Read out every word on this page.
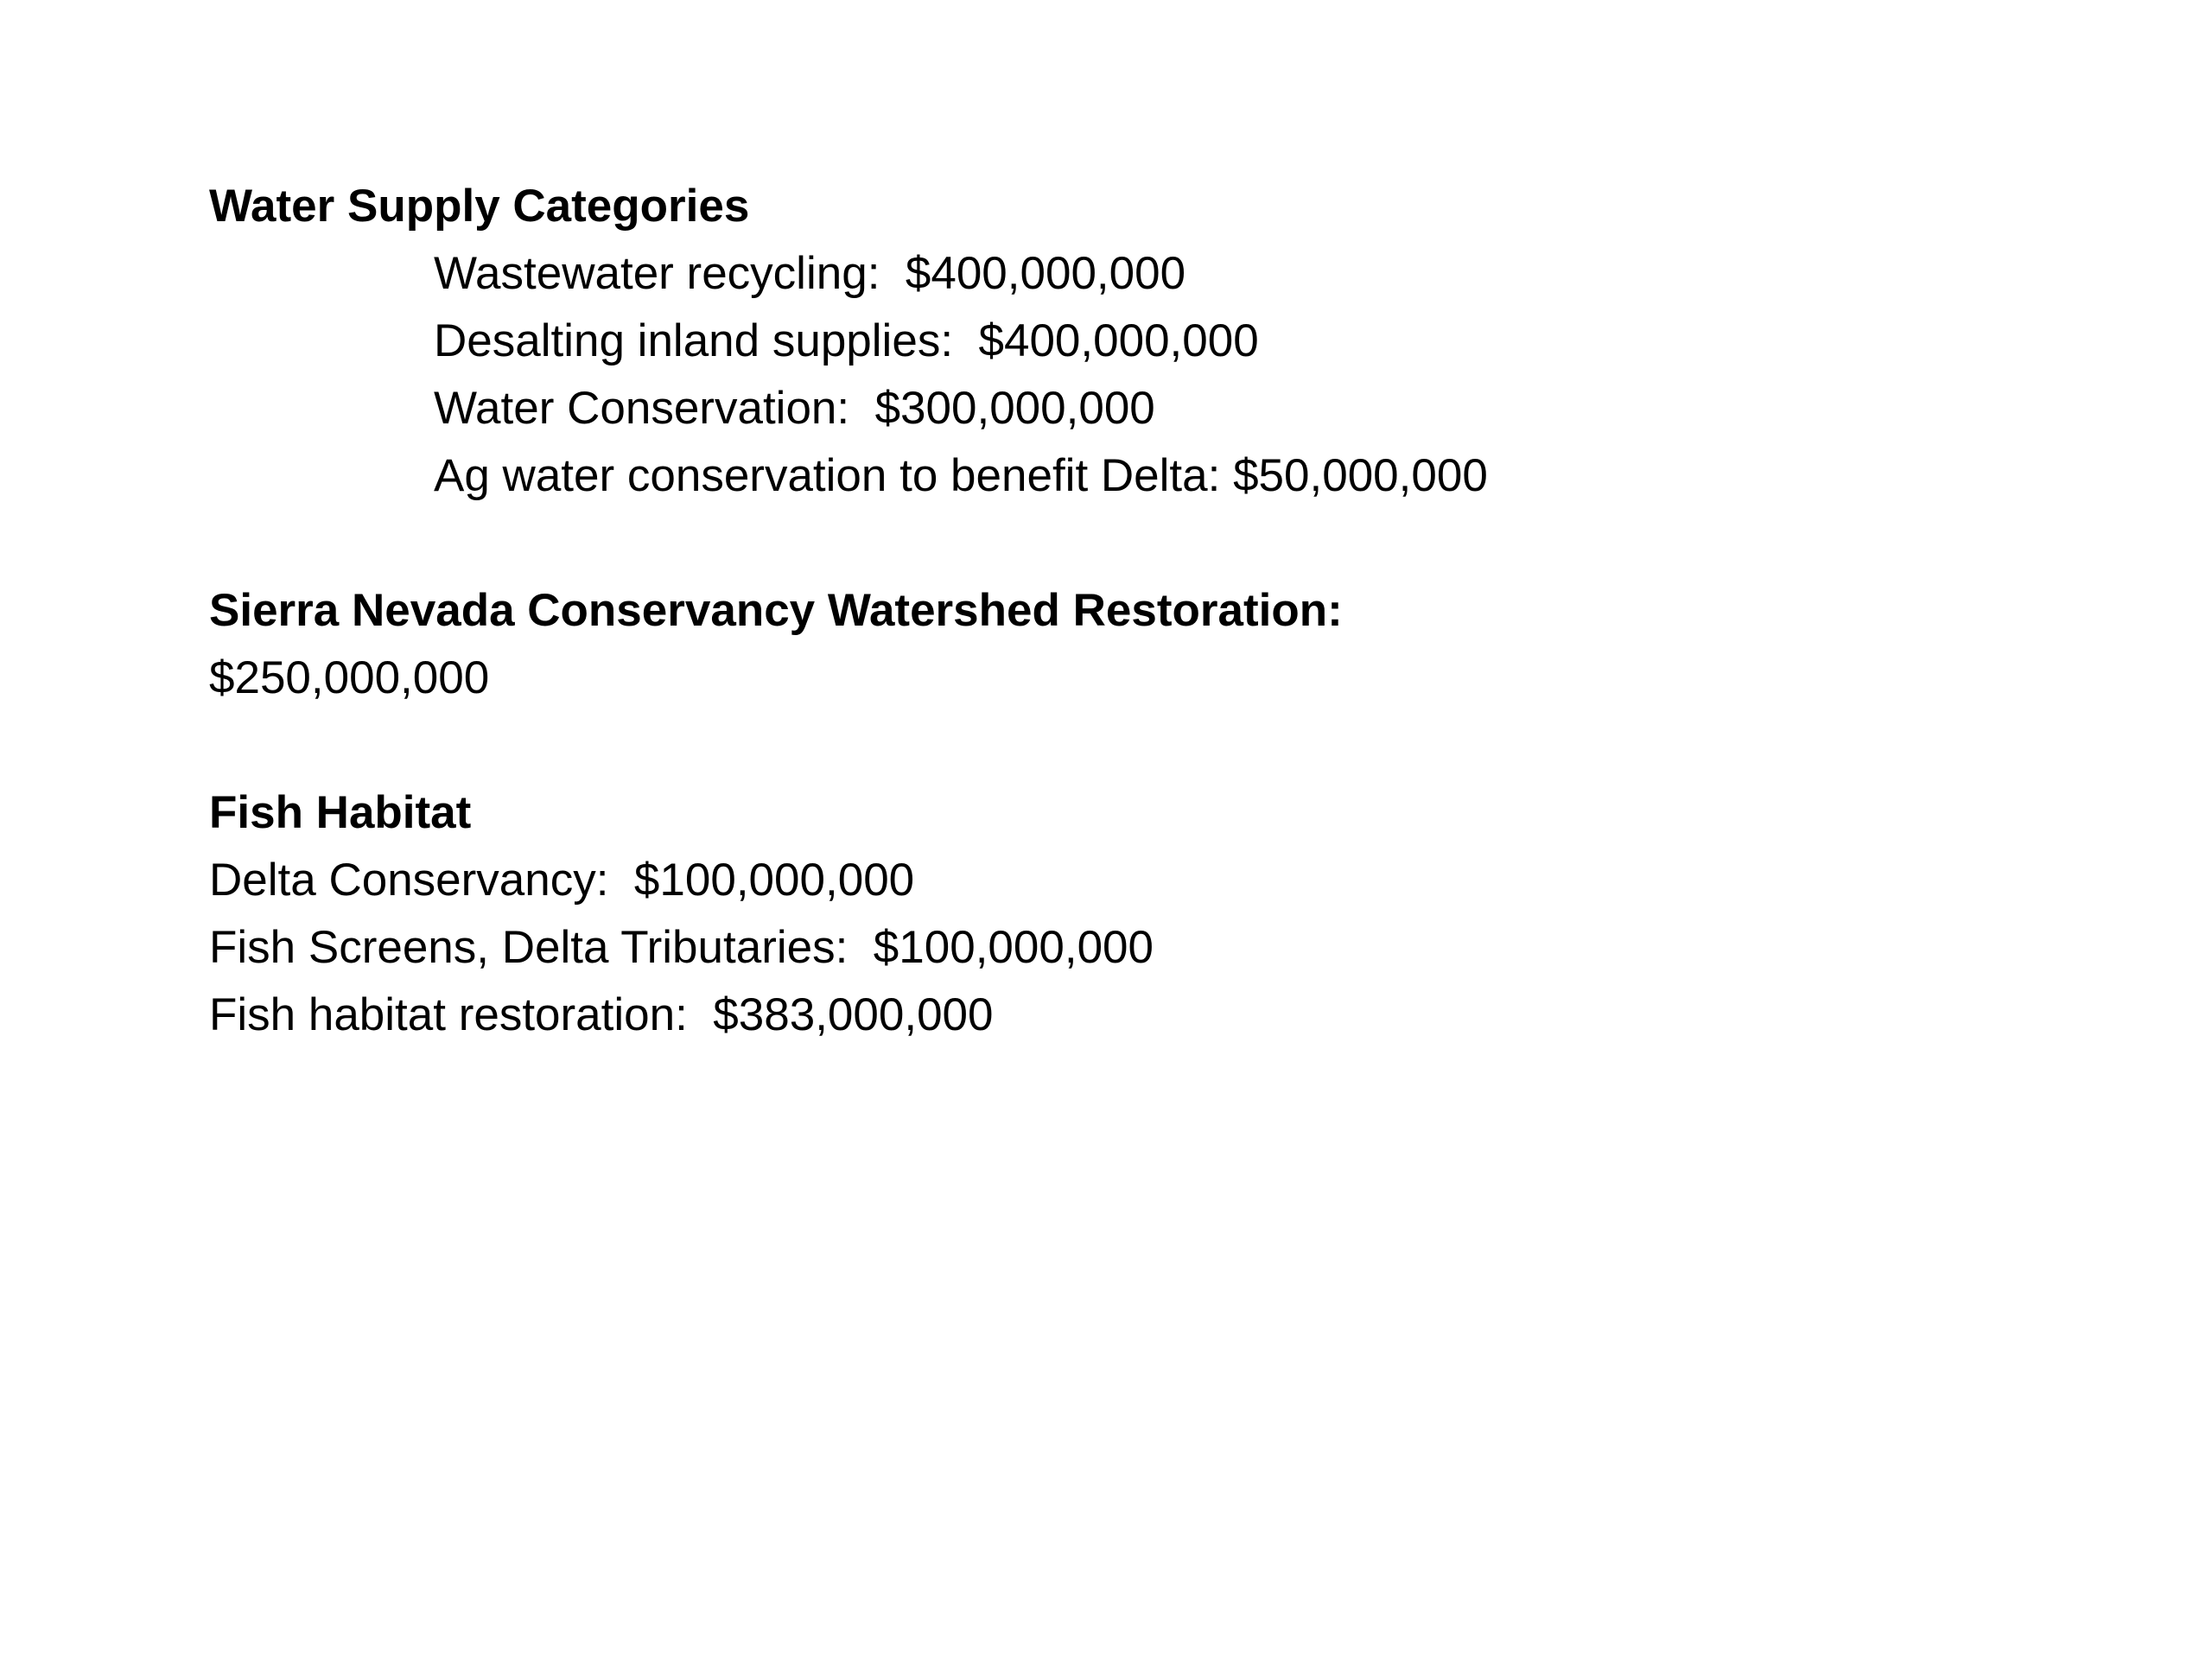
Water Supply Categories
Wastewater recycling:  $400,000,000
Desalting inland supplies:  $400,000,000
Water Conservation:  $300,000,000
Ag water conservation to benefit Delta: $50,000,000
Sierra Nevada Conservancy Watershed Restoration:
$250,000,000
Fish Habitat
Delta Conservancy:  $100,000,000
Fish Screens, Delta Tributaries:  $100,000,000
Fish habitat restoration:  $383,000,000
